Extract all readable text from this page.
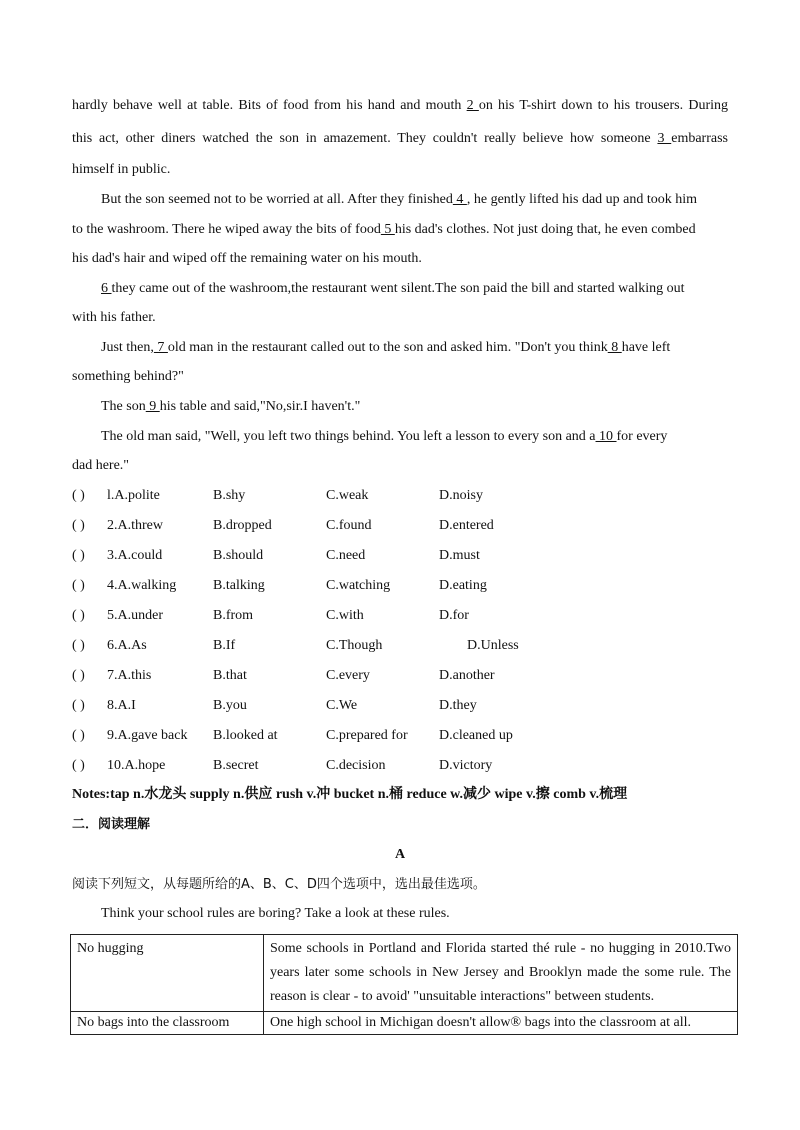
hardly behave well at table. Bits of food from his hand and mouth 2 on his T-shirt down to his trousers. During
this act, other diners watched the son in amazement. They couldn't really believe how someone 3 embarrass
himself in public.
But the son seemed not to be worried at all. After they finished 4 , he gently lifted his dad up and took him
to the washroom. There he wiped away the bits of food 5 his dad's clothes. Not just doing that, he even combed
his dad's hair and wiped off the remaining water on his mouth.
6 they came out of the washroom,the restaurant went silent.The son paid the bill and started walking out
with his father.
Just then, 7 old man in the restaurant called out to the son and asked him. "Don't you think 8 have left
something behind?"
The son 9 his table and said,"No,sir.I haven't."
The old man said, "Well, you left two things behind. You left a lesson to every son and a 10 for every
dad here."
( ) l.A.polite	B.shy	C.weak	D.noisy
( ) 2.A.threw	B.dropped	C.found	D.entered
( ) 3.A.could	B.should	C.need	D.must
( ) 4.A.walking	B.talking	C.watching	D.eating
( ) 5.A.under	B.from	C.with	D.for
( ) 6.A.As	B.If	C.Though	D.Unless
( ) 7.A.this	B.that	C.every	D.another
( ) 8.A.I	B.you	C.We	D.they
( ) 9.A.gave back B.looked at	C.prepared for D.cleaned up
( ) 10.A.hope	B.secret	C.decision	D.victory
Notes:tap n.水龙头 supply n.供应 rush v.冲 bucket n.桶 reduce w.减少 wipe v.擦 comb v.梳理
二．阅读理解
A
阅读下列短文，从每题所给的A、B、C、D四个选项中，选出最佳选项。
Think your school rules are boring? Take a look at these rules.
No hugging	Some schools in Portland and Florida started thé rule - no hugging in 2010.Two years later some schools in New Jersey and Brooklyn made the some rule. The reason is clear - to avoid' "unsuitable interactions" between students.
No bags into the classroom	One high school in Michigan doesn't allow® bags into the classroom at all.
